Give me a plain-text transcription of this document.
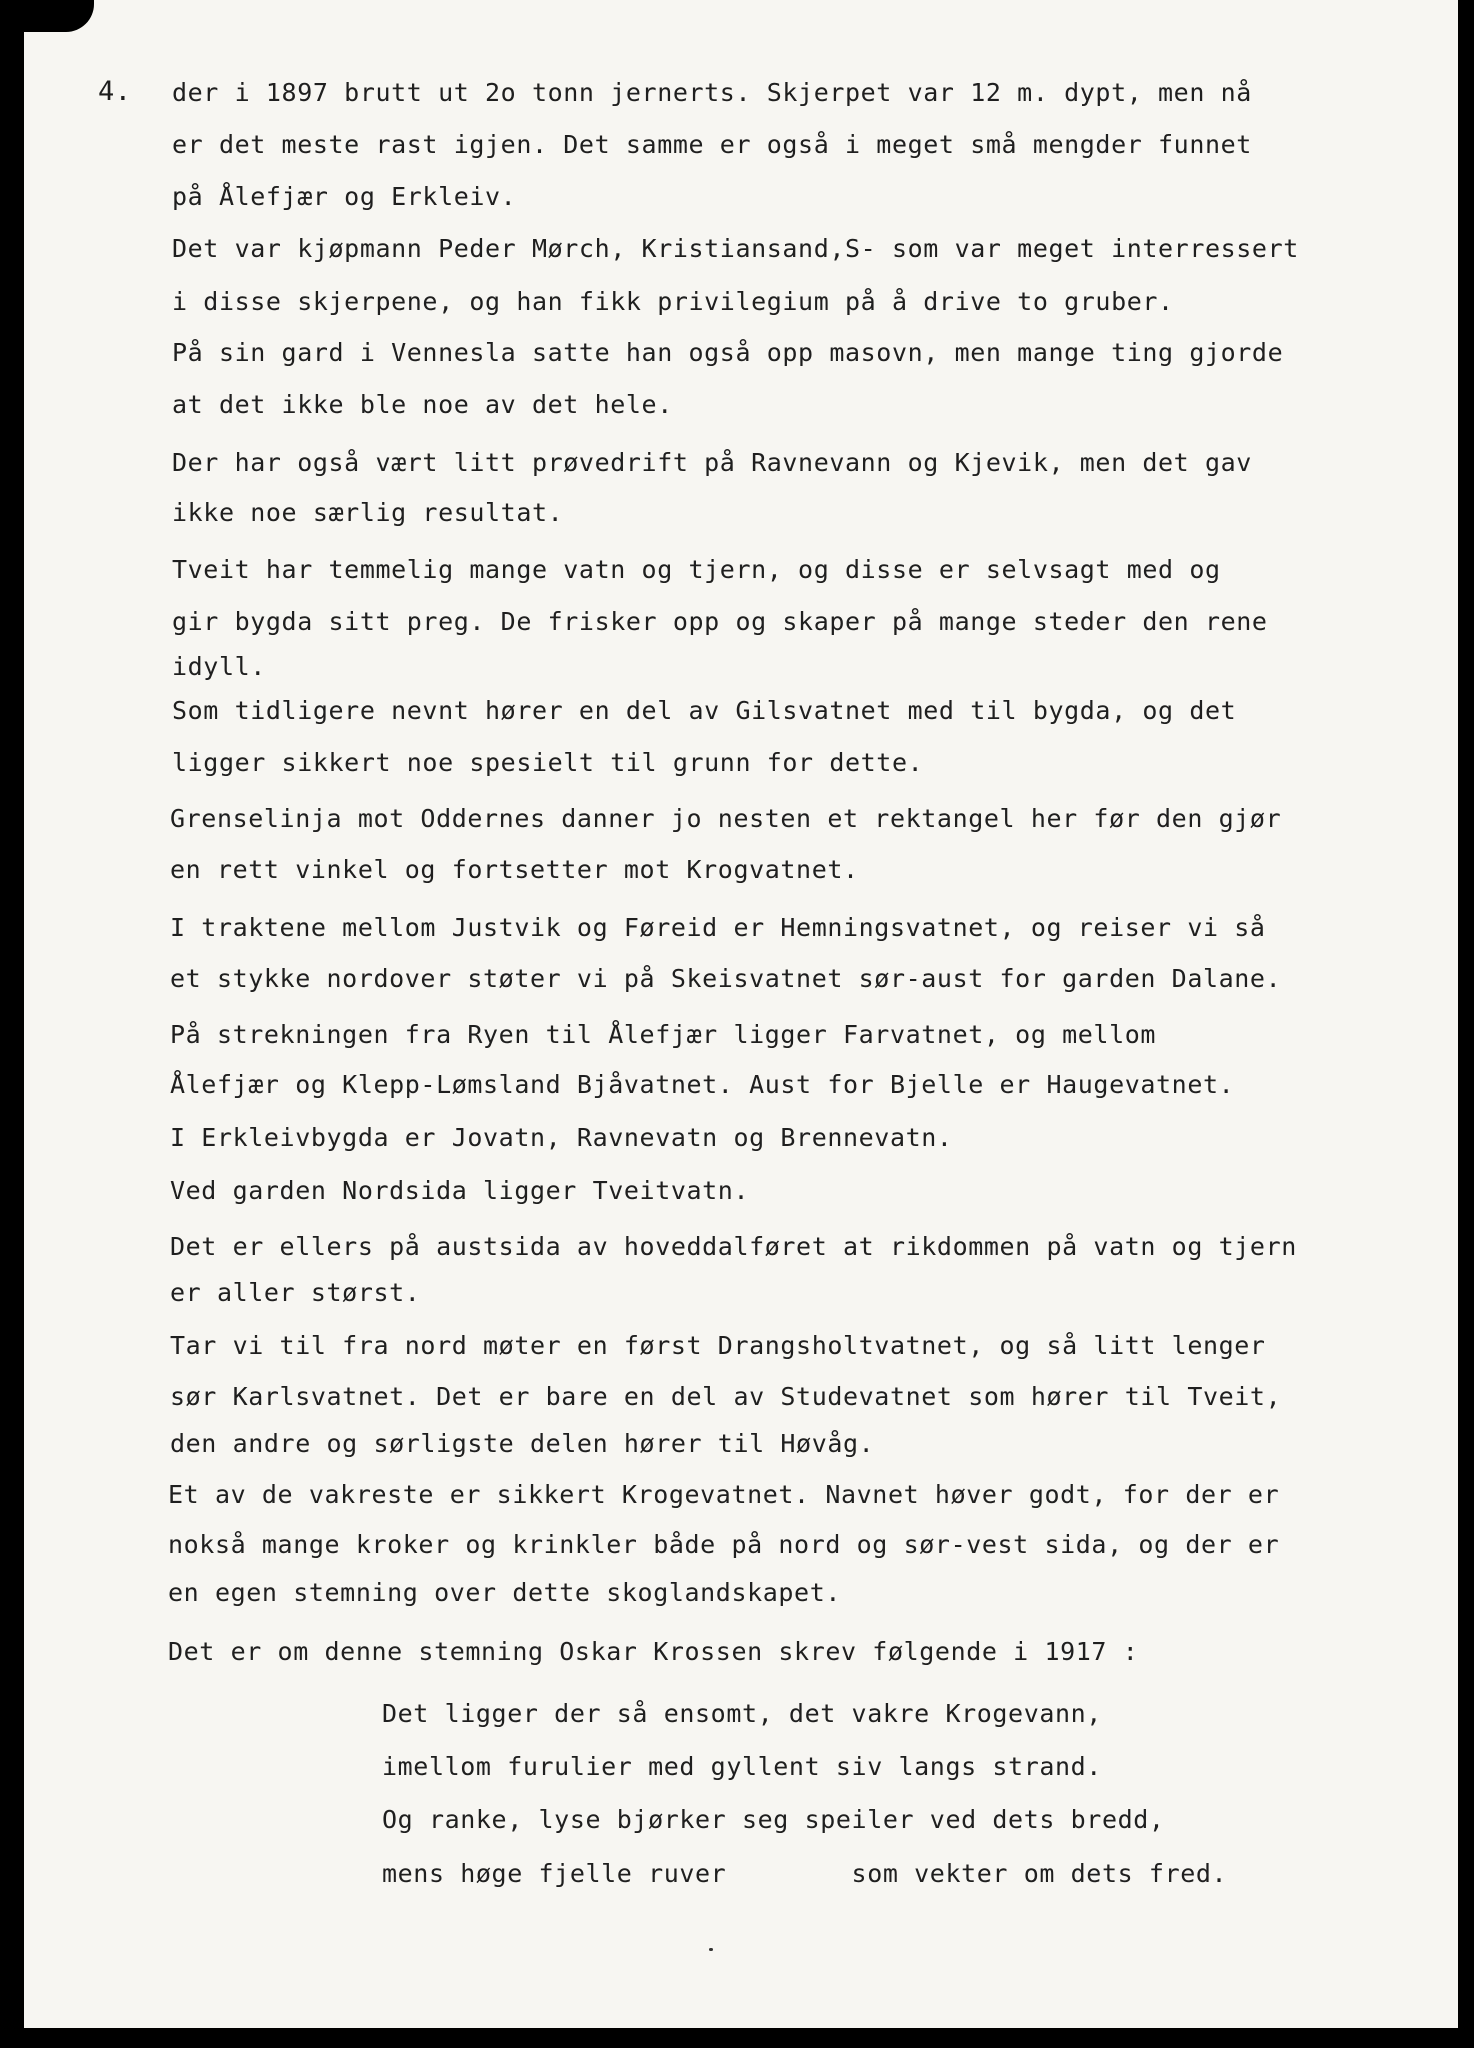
4. der i 1897 brutt ut 2o tonn jernerts. Skjerpet var 12 m. dypt, men nå
er det meste rast igjen. Det samme er også i meget små mengder funnet
på Ålefjær og Erkleiv.
Det var kjøpmann Peder Mørch, Kristiansand,S- som var meget interressert
i disse skjerpene, og han fikk privilegium på å drive to gruber.
På sin gard i Vennesla satte han også opp masovn, men mange ting gjorde
at det ikke ble noe av det hele.
Der har også vært litt prøvedrift på Ravnevann og Kjevik, men det gav
ikke noe særlig resultat.
Tveit har temmelig mange vatn og tjern, og disse er selvsagt med og
gir bygda sitt preg. De frisker opp og skaper på mange steder den rene
idyll.
Som tidligere nevnt hører en del av Gilsvatnet med til bygda, og det
ligger sikkert noe spesielt til grunn for dette.
Grenselinja mot Oddernes danner jo nesten et rektangel her før den gjør
en rett vinkel og fortsetter mot Krogvatnet.
I traktene mellom Justvik og Føreid er Hemningsvatnet, og reiser vi så
et stykke nordover støter vi på Skeisvatnet sør-aust for garden Dalane.
På strekningen fra Ryen til Ålefjær ligger Farvatnet, og mellom
Ålefjær og Klepp-Lømsland Bjåvatnet. Aust for Bjelle er Haugevatnet.
I Erkleivbygda er Jovatn, Ravnevatn og Brennevatn.
Ved garden Nordsida ligger Tveitvatn.
Det er ellers på austsida av hoveddalføret at rikdommen på vatn og tjern
er aller størst.
Tar vi til fra nord møter en først Drangsholtvatnet, og så litt lenger
sør Karlsvatnet. Det er bare en del av Studevatnet som hører til Tveit,
den andre og sørligste delen hører til Høvåg.
Et av de vakreste er sikkert Krogevatnet. Navnet høver godt, for der er
nokså mange kroker og krinkler både på nord og sør-vest sida, og der er
en egen stemning over dette skoglandskapet.
Det er om denne stemning Oskar Krossen skrev følgende i 1917 :
Det ligger der så ensomt, det vakre Krogevann,
imellom furulier med gyllent siv langs strand.
Og ranke, lyse bjørker seg speiler ved dets bredd,
mens høge fjelle ruver        som vekter om dets fred.
